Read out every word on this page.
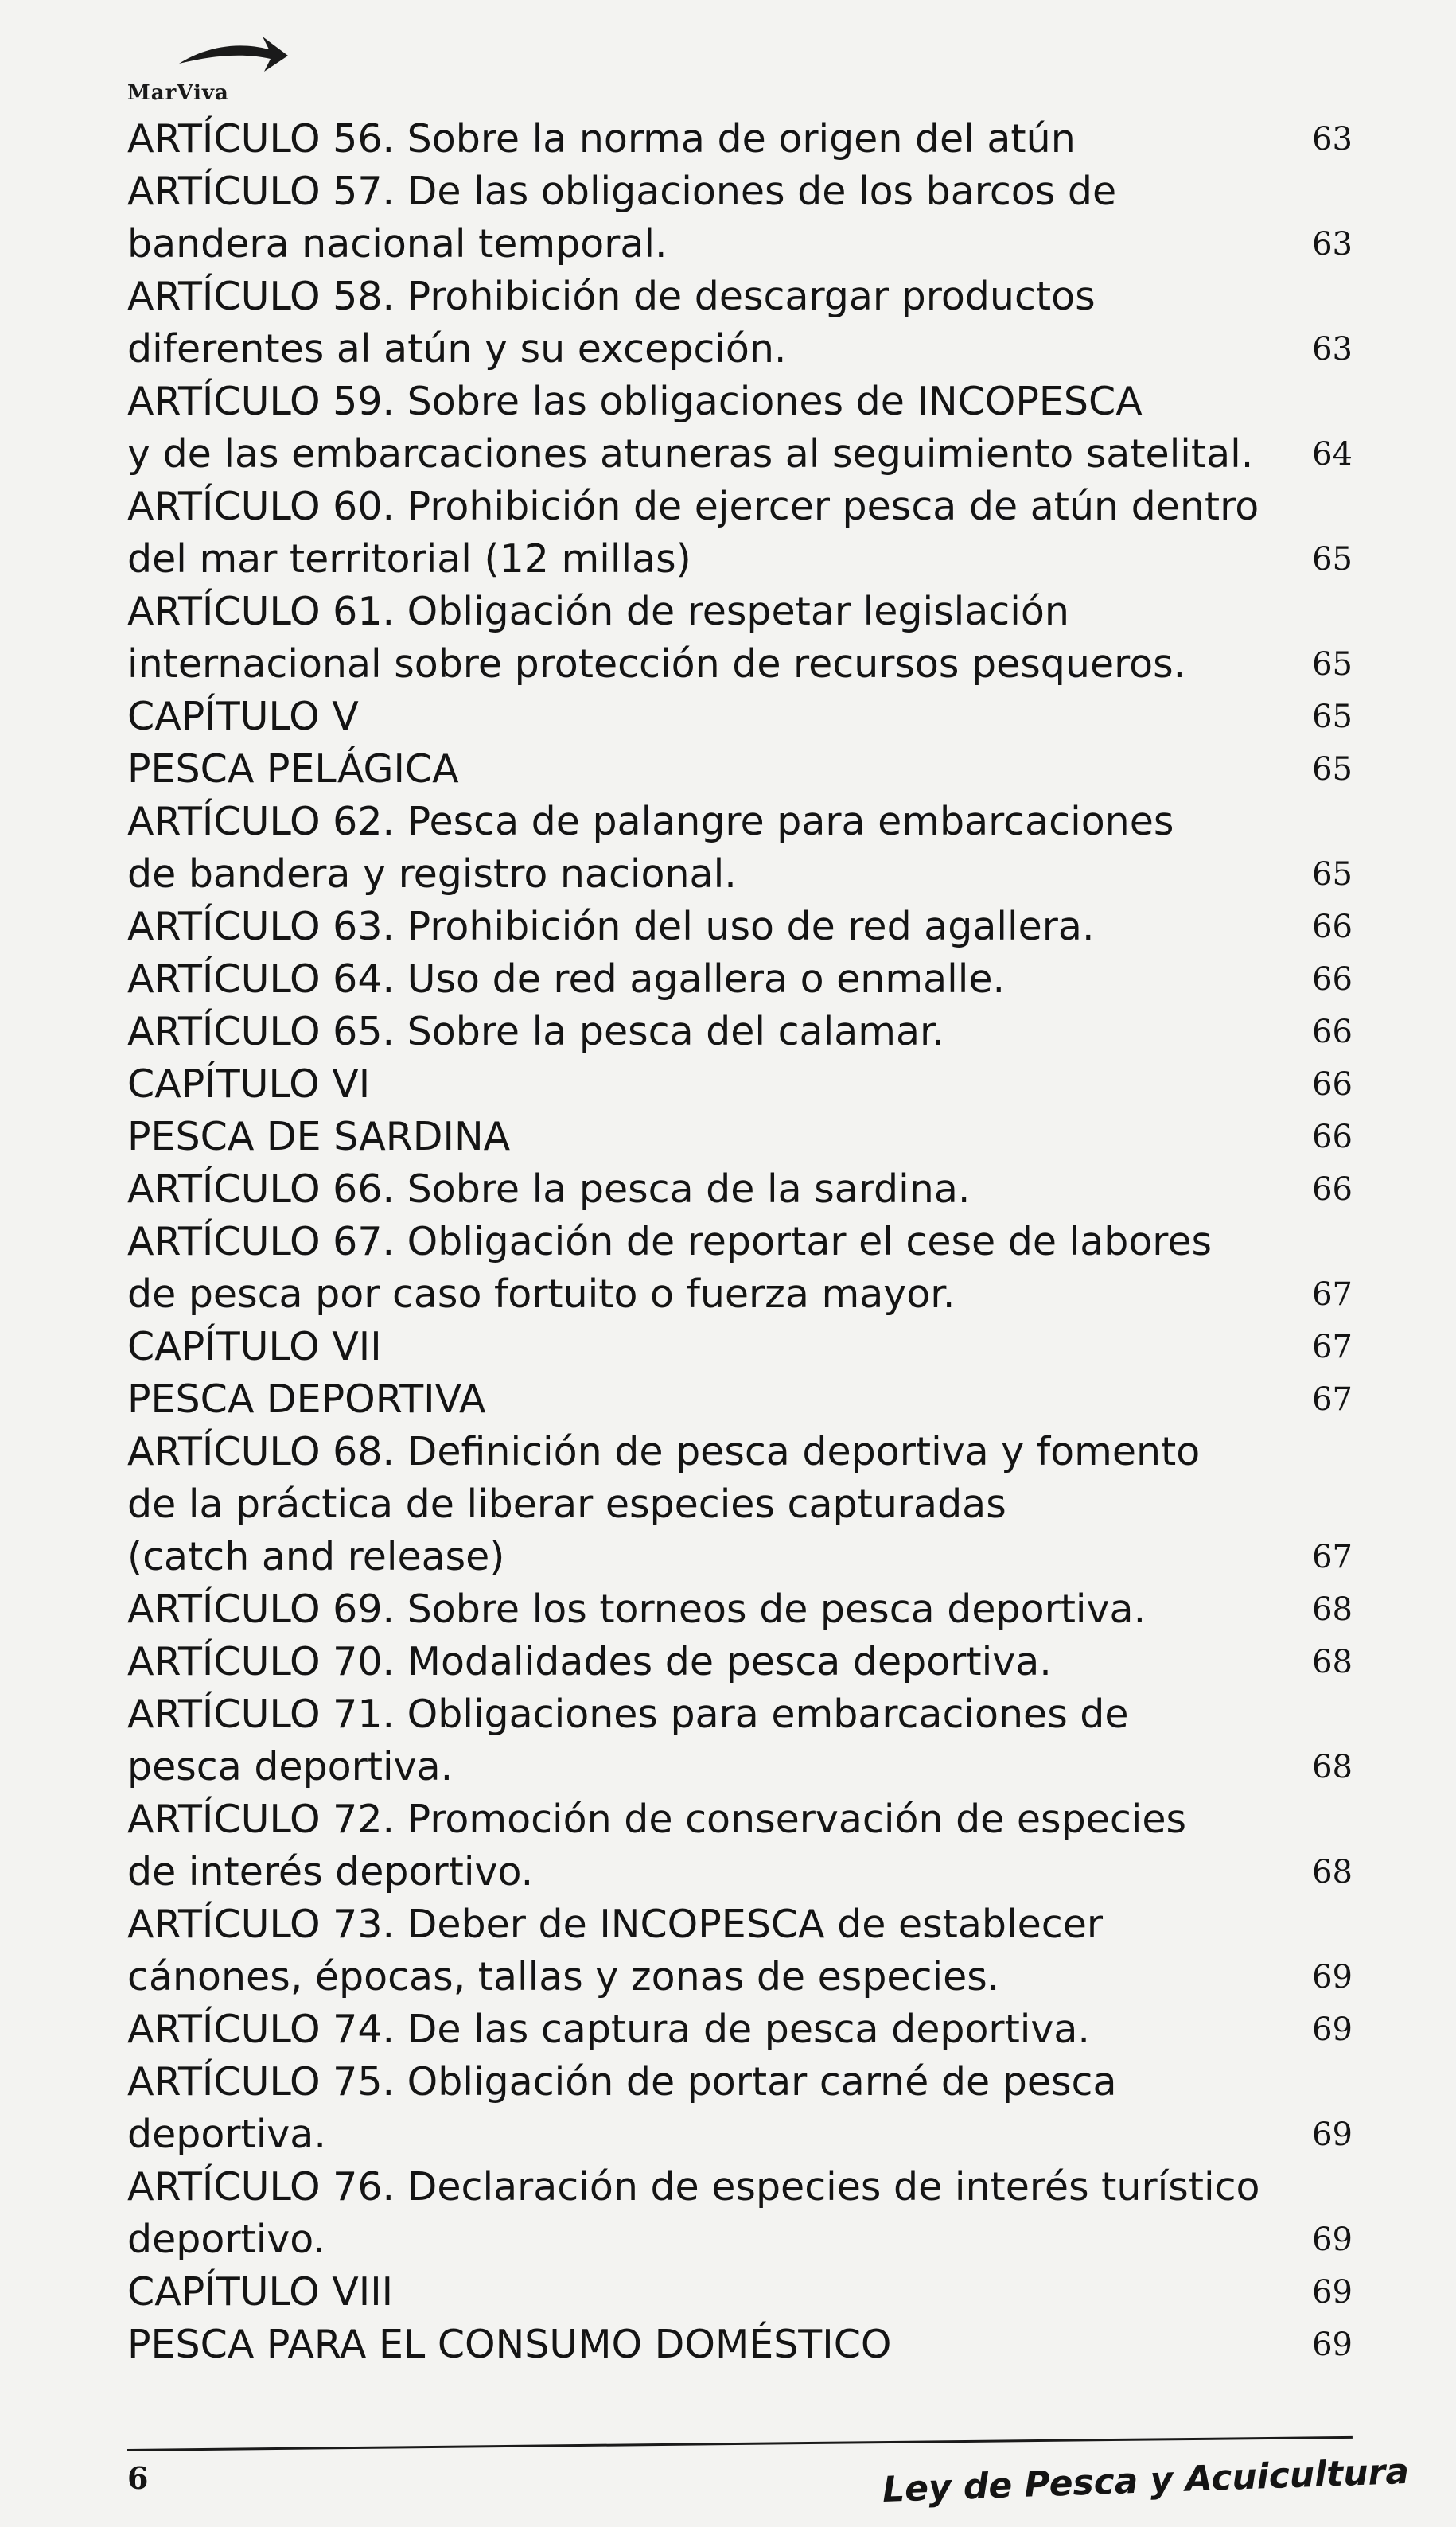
MarViva
ARTÍCULO 56. Sobre la norma de origen del atún	63
ARTÍCULO 57. De las obligaciones de los barcos de
bandera nacional temporal.	63
ARTÍCULO 58. Prohibición de descargar productos
diferentes al atún y su excepción.	63
ARTÍCULO 59. Sobre las obligaciones de INCOPESCA
y de las embarcaciones atuneras al seguimiento satelital.	64
ARTÍCULO 60. Prohibición de ejercer pesca de atún dentro
del mar territorial (12 millas)	65
ARTÍCULO 61. Obligación de respetar legislación
internacional sobre protección de recursos pesqueros.	65
CAPÍTULO V	65
PESCA PELÁGICA	65
ARTÍCULO 62. Pesca de palangre para embarcaciones
de bandera y registro nacional.	65
ARTÍCULO 63. Prohibición del uso de red agallera.	66
ARTÍCULO 64. Uso de red agallera o enmalle.	66
ARTÍCULO 65. Sobre la pesca del calamar.	66
CAPÍTULO VI	66
PESCA DE SARDINA	66
ARTÍCULO 66. Sobre la pesca de la sardina.	66
ARTÍCULO 67. Obligación de reportar el cese de labores
de pesca por caso fortuito o fuerza mayor.	67
CAPÍTULO VII	67
PESCA DEPORTIVA	67
ARTÍCULO 68. Definición de pesca deportiva y fomento
de la práctica de liberar especies capturadas
(catch and release)	67
ARTÍCULO 69. Sobre los torneos de pesca deportiva.	68
ARTÍCULO 70. Modalidades de pesca deportiva.	68
ARTÍCULO 71. Obligaciones para embarcaciones de
pesca deportiva.	68
ARTÍCULO 72. Promoción de conservación de especies
de interés deportivo.	68
ARTÍCULO 73. Deber de INCOPESCA de establecer
cánones, épocas, tallas y zonas de especies.	69
ARTÍCULO 74. De las captura de pesca deportiva.	69
ARTÍCULO 75. Obligación de portar carné de pesca
deportiva.	69
ARTÍCULO 76. Declaración de especies de interés turístico
deportivo.	69
CAPÍTULO VIII	69
PESCA PARA EL CONSUMO DOMÉSTICO	69
6	Ley de Pesca y Acuicultura
